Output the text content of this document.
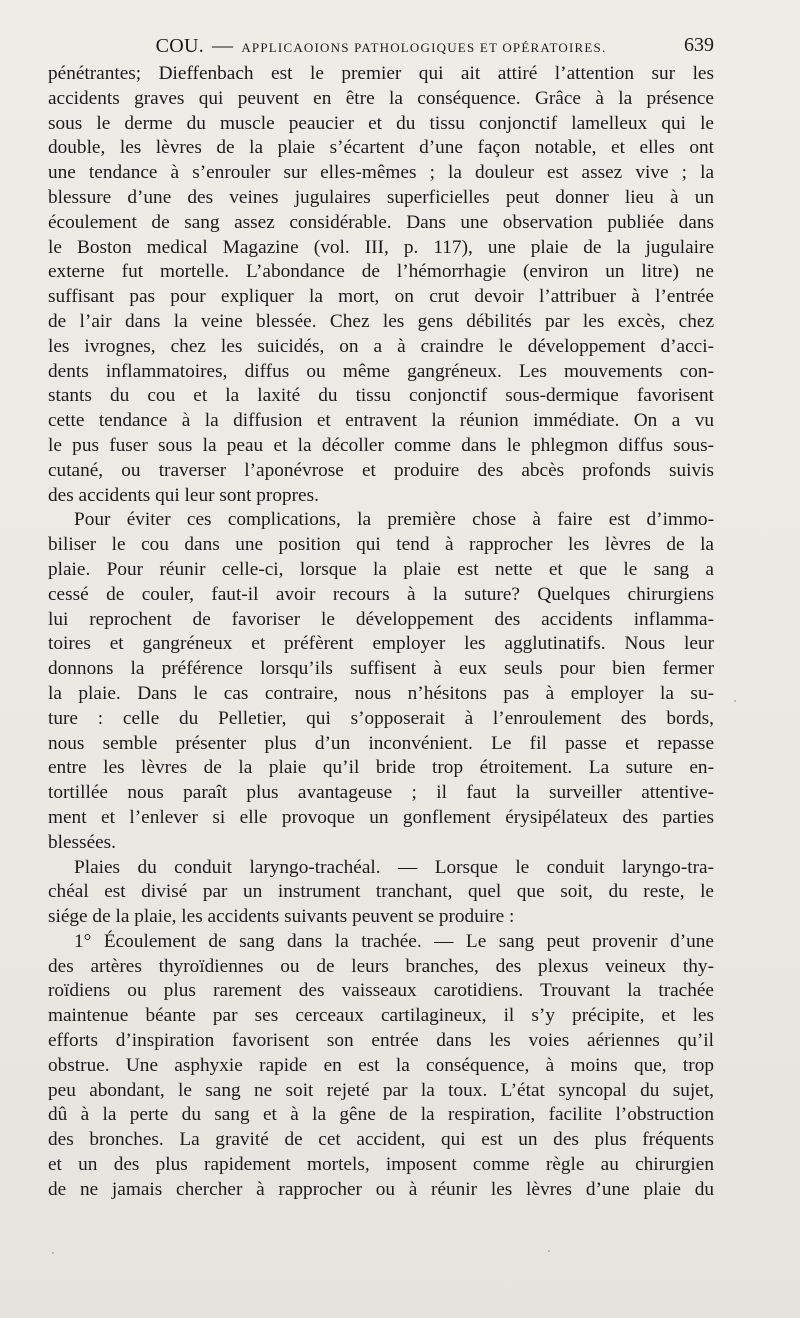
COU. — APPLICAOIONS PATHOLOGIQUES ET OPÉRATOIRES.	639
pénétrantes; Dieffenbach est le premier qui ait attiré l’attention sur les
accidents graves qui peuvent en être la conséquence. Grâce à la présence
sous le derme du muscle peaucier et du tissu conjonctif lamelleux qui le
double, les lèvres de la plaie s’écartent d’une façon notable, et elles ont
une tendance à s’enrouler sur elles-mêmes ; la douleur est assez vive ; la
blessure d’une des veines jugulaires superficielles peut donner lieu à un
écoulement de sang assez considérable. Dans une observation publiée dans
le Boston medical Magazine (vol. III, p. 117), une plaie de la jugulaire
externe fut mortelle. L’abondance de l’hémorrhagie (environ un litre) ne
suffisant pas pour expliquer la mort, on crut devoir l’attribuer à l’entrée
de l’air dans la veine blessée. Chez les gens débilités par les excès, chez
les ivrognes, chez les suicidés, on a à craindre le développement d’acci-
dents inflammatoires, diffus ou même gangréneux. Les mouvements con-
stants du cou et la laxité du tissu conjonctif sous-dermique favorisent
cette tendance à la diffusion et entravent la réunion immédiate. On a vu
le pus fuser sous la peau et la décoller comme dans le phlegmon diffus sous-
cutané, ou traverser l’aponévrose et produire des abcès profonds suivis
des accidents qui leur sont propres.
Pour éviter ces complications, la première chose à faire est d’immo-
biliser le cou dans une position qui tend à rapprocher les lèvres de la
plaie. Pour réunir celle-ci, lorsque la plaie est nette et que le sang a
cessé de couler, faut-il avoir recours à la suture? Quelques chirurgiens
lui reprochent de favoriser le développement des accidents inflamma-
toires et gangréneux et préfèrent employer les agglutinatifs. Nous leur
donnons la préférence lorsqu’ils suffisent à eux seuls pour bien fermer
la plaie. Dans le cas contraire, nous n’hésitons pas à employer la su-
ture : celle du Pelletier, qui s’opposerait à l’enroulement des bords,
nous semble présenter plus d’un inconvénient. Le fil passe et repasse
entre les lèvres de la plaie qu’il bride trop étroitement. La suture en-
tortillée nous paraît plus avantageuse ; il faut la surveiller attentive-
ment et l’enlever si elle provoque un gonflement érysipélateux des parties
blessées.
Plaies du conduit laryngo-trachéal. — Lorsque le conduit laryngo-tra-
chéal est divisé par un instrument tranchant, quel que soit, du reste, le
siége de la plaie, les accidents suivants peuvent se produire :
1° Écoulement de sang dans la trachée. — Le sang peut provenir d’une
des artères thyroïdiennes ou de leurs branches, des plexus veineux thy-
roïdiens ou plus rarement des vaisseaux carotidiens. Trouvant la trachée
maintenue béante par ses cerceaux cartilagineux, il s’y précipite, et les
efforts d’inspiration favorisent son entrée dans les voies aériennes qu’il
obstrue. Une asphyxie rapide en est la conséquence, à moins que, trop
peu abondant, le sang ne soit rejeté par la toux. L’état syncopal du sujet,
dû à la perte du sang et à la gêne de la respiration, facilite l’obstruction
des bronches. La gravité de cet accident, qui est un des plus fréquents
et un des plus rapidement mortels, imposent comme règle au chirurgien
de ne jamais chercher à rapprocher ou à réunir les lèvres d’une plaie du
